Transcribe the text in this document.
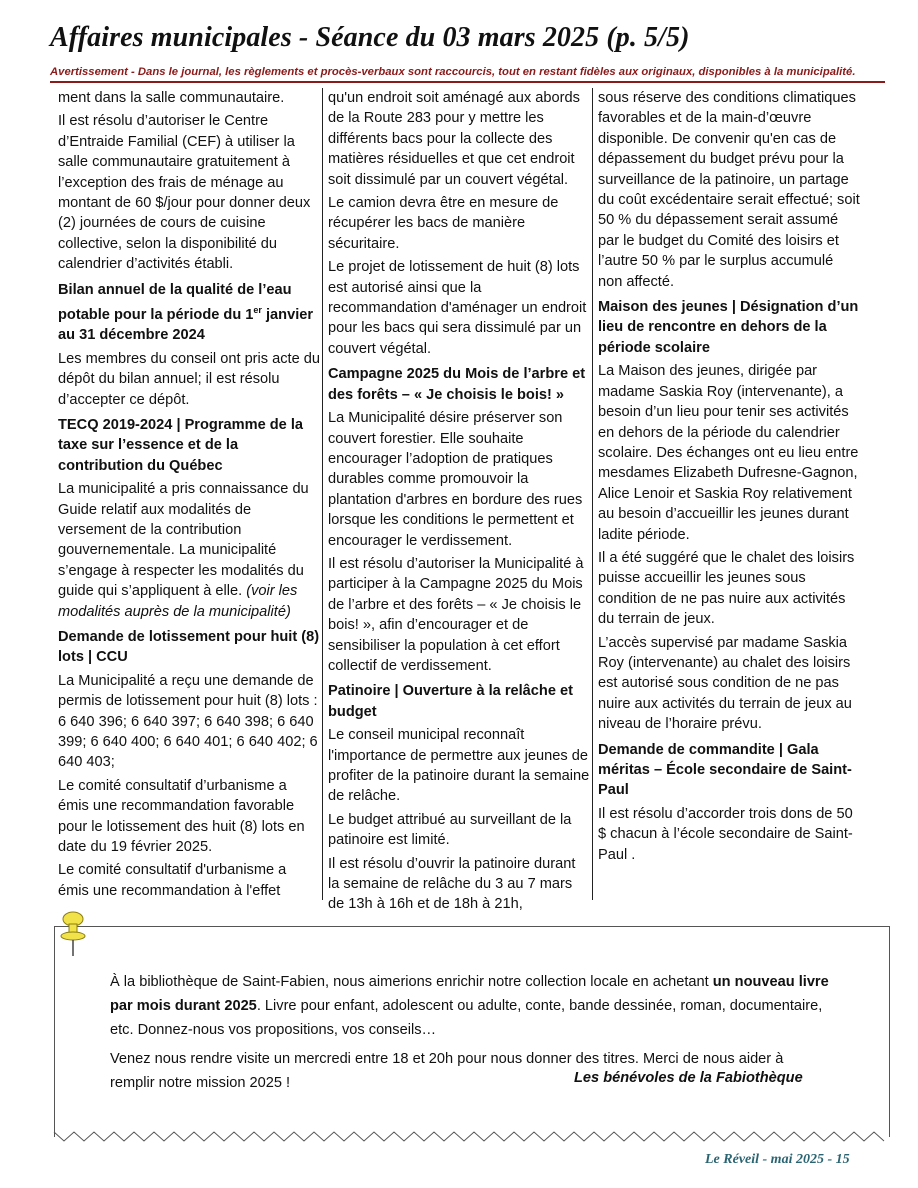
Affaires municipales - Séance du 03 mars 2025 (p. 5/5)
Avertissement - Dans le journal, les règlements et procès-verbaux sont raccourcis, tout en restant fidèles aux originaux, disponibles à la municipalité.

ment dans la salle communautaire.

Il est résolu d’autoriser le Centre d’Entraide Familial (CEF) à utiliser la salle communautaire gratuitement à l’exception des frais de ménage au montant de 60 $/jour pour donner deux (2) journées de cours de cuisine collective, selon la disponibilité du calendrier d’activités établi.

Bilan annuel de la qualité de l’eau potable pour la période du 1er janvier au 31 décembre 2024

Les membres du conseil ont pris acte du dépôt du bilan annuel; il est résolu d’accepter ce dépôt.

TECQ 2019-2024 | Programme de la taxe sur l’essence et de la contribution du Québec

La municipalité a pris connaissance du Guide relatif aux modalités de versement de la contribution gouvernementale. La municipalité s’engage à respecter les modalités du guide qui s’appliquent à elle. (voir les modalités auprès de la municipalité)

Demande de lotissement pour huit (8) lots | CCU

La Municipalité a reçu une demande de permis de lotissement pour huit (8) lots : 6 640 396; 6 640 397; 6 640 398; 6 640 399; 6 640 400; 6 640 401; 6 640 402; 6 640 403;

Le comité consultatif d’urbanisme a émis une recommandation favorable pour le lotissement des huit (8) lots en date du 19 février 2025.

Le comité consultatif d'urbanisme a émis une recommandation à l'effet

qu'un endroit soit aménagé aux abords de la Route 283 pour y mettre les différents bacs pour la collecte des matières résiduelles et que cet endroit soit dissimulé par un couvert végétal.

Le camion devra être en mesure de récupérer les bacs de manière sécuritaire.

Le projet de lotissement de huit (8) lots est autorisé ainsi que la recommandation d'aménager un endroit pour les bacs qui sera dissimulé par un couvert végétal.

Campagne 2025 du Mois de l’arbre et des forêts – « Je choisis le bois! »

La Municipalité désire préserver son couvert forestier. Elle souhaite encourager l’adoption de pratiques durables comme promouvoir la plantation d'arbres en bordure des rues lorsque les conditions le permettent et encourager le verdissement.

Il est résolu d’autoriser la Municipalité à participer à la Campagne 2025 du Mois de l’arbre et des forêts – « Je choisis le bois! », afin d’encourager et de sensibiliser la population à cet effort collectif de verdissement.

Patinoire | Ouverture à la relâche et budget

Le conseil municipal reconnaît l'importance de permettre aux jeunes de profiter de la patinoire durant la semaine de relâche.

Le budget attribué au surveillant de la patinoire est limité.

Il est résolu d’ouvrir la patinoire durant la semaine de relâche du 3 au 7 mars de 13h à 16h et de 18h à 21h,

sous réserve des conditions climatiques favorables et de la main-d’œuvre disponible. De convenir qu'en cas de dépassement du budget prévu pour la surveillance de la patinoire, un partage du coût excédentaire serait effectué; soit 50 % du dépassement serait assumé par le budget du Comité des loisirs et l’autre 50 % par le surplus accumulé non affecté.

Maison des jeunes | Désignation d’un lieu de rencontre en dehors de la période scolaire

La Maison des jeunes, dirigée par madame Saskia Roy (intervenante), a besoin d’un lieu pour tenir ses activités en dehors de la période du calendrier scolaire. Des échanges ont eu lieu entre mesdames Elizabeth Dufresne-Gagnon, Alice Lenoir et Saskia Roy relativement au besoin d’accueillir les jeunes durant ladite période.

Il a été suggéré que le chalet des loisirs puisse accueillir les jeunes sous condition de ne pas nuire aux activités du terrain de jeux.

L’accès supervisé par madame Saskia Roy (intervenante) au chalet des loisirs est autorisé sous condition de ne pas nuire aux activités du terrain de jeux au niveau de l’horaire prévu.

Demande de commandite | Gala méritas – École secondaire de Saint-Paul

Il est résolu d’accorder trois dons de 50 $ chacun à l’école secondaire de Saint-Paul .

À la bibliothèque de Saint-Fabien, nous aimerions enrichir notre collection locale en achetant un nouveau livre par mois durant 2025. Livre pour enfant, adolescent ou adulte, conte, bande dessinée, roman, documentaire, etc. Donnez-nous vos propositions, vos conseils…

Venez nous rendre visite un mercredi entre 18 et 20h pour nous donner des titres. Merci de nous aider à remplir notre mission 2025 !	Les bénévoles de la Fabiothèque
Le Réveil - mai 2025 - 15
